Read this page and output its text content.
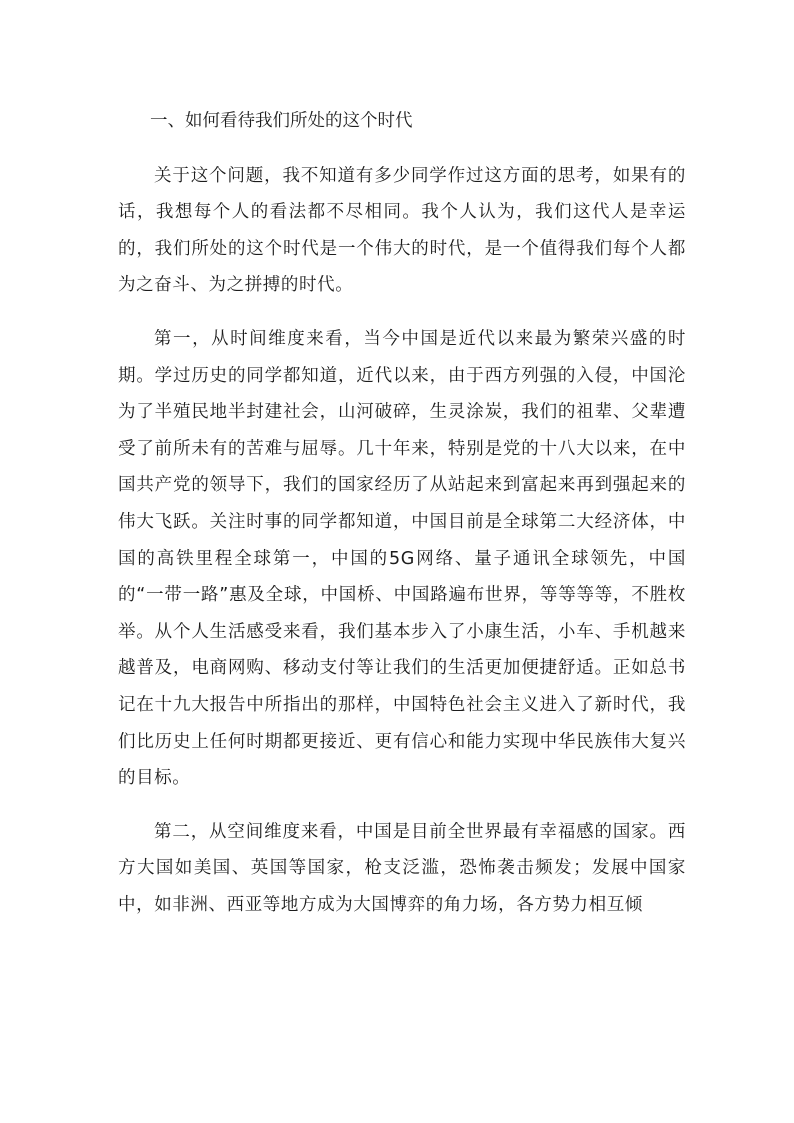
一、如何看待我们所处的这个时代

关于这个问题，我不知道有多少同学作过这方面的思考，如果有的话，我想每个人的看法都不尽相同。我个人认为，我们这代人是幸运的，我们所处的这个时代是一个伟大的时代，是一个值得我们每个人都为之奋斗、为之拼搏的时代。

第一，从时间维度来看，当今中国是近代以来最为繁荣兴盛的时期。学过历史的同学都知道，近代以来，由于西方列强的入侵，中国沦为了半殖民地半封建社会，山河破碎，生灵涂炭，我们的祖辈、父辈遭受了前所未有的苦难与屈辱。几十年来，特别是党的十八大以来，在中国共产党的领导下，我们的国家经历了从站起来到富起来再到强起来的伟大飞跃。关注时事的同学都知道，中国目前是全球第二大经济体，中国的高铁里程全球第一，中国的5G网络、量子通讯全球领先，中国的“一带一路”惠及全球，中国桥、中国路遍布世界，等等等等，不胜枚举。从个人生活感受来看，我们基本步入了小康生活，小车、手机越来越普及，电商网购、移动支付等让我们的生活更加便捷舒适。正如总书记在十九大报告中所指出的那样，中国特色社会主义进入了新时代，我们比历史上任何时期都更接近、更有信心和能力实现中华民族伟大复兴的目标。

第二，从空间维度来看，中国是目前全世界最有幸福感的国家。西方大国如美国、英国等国家，枪支泛滥，恐怖袭击频发；发展中国家中，如非洲、西亚等地方成为大国博弈的角力场，各方势力相互倾
